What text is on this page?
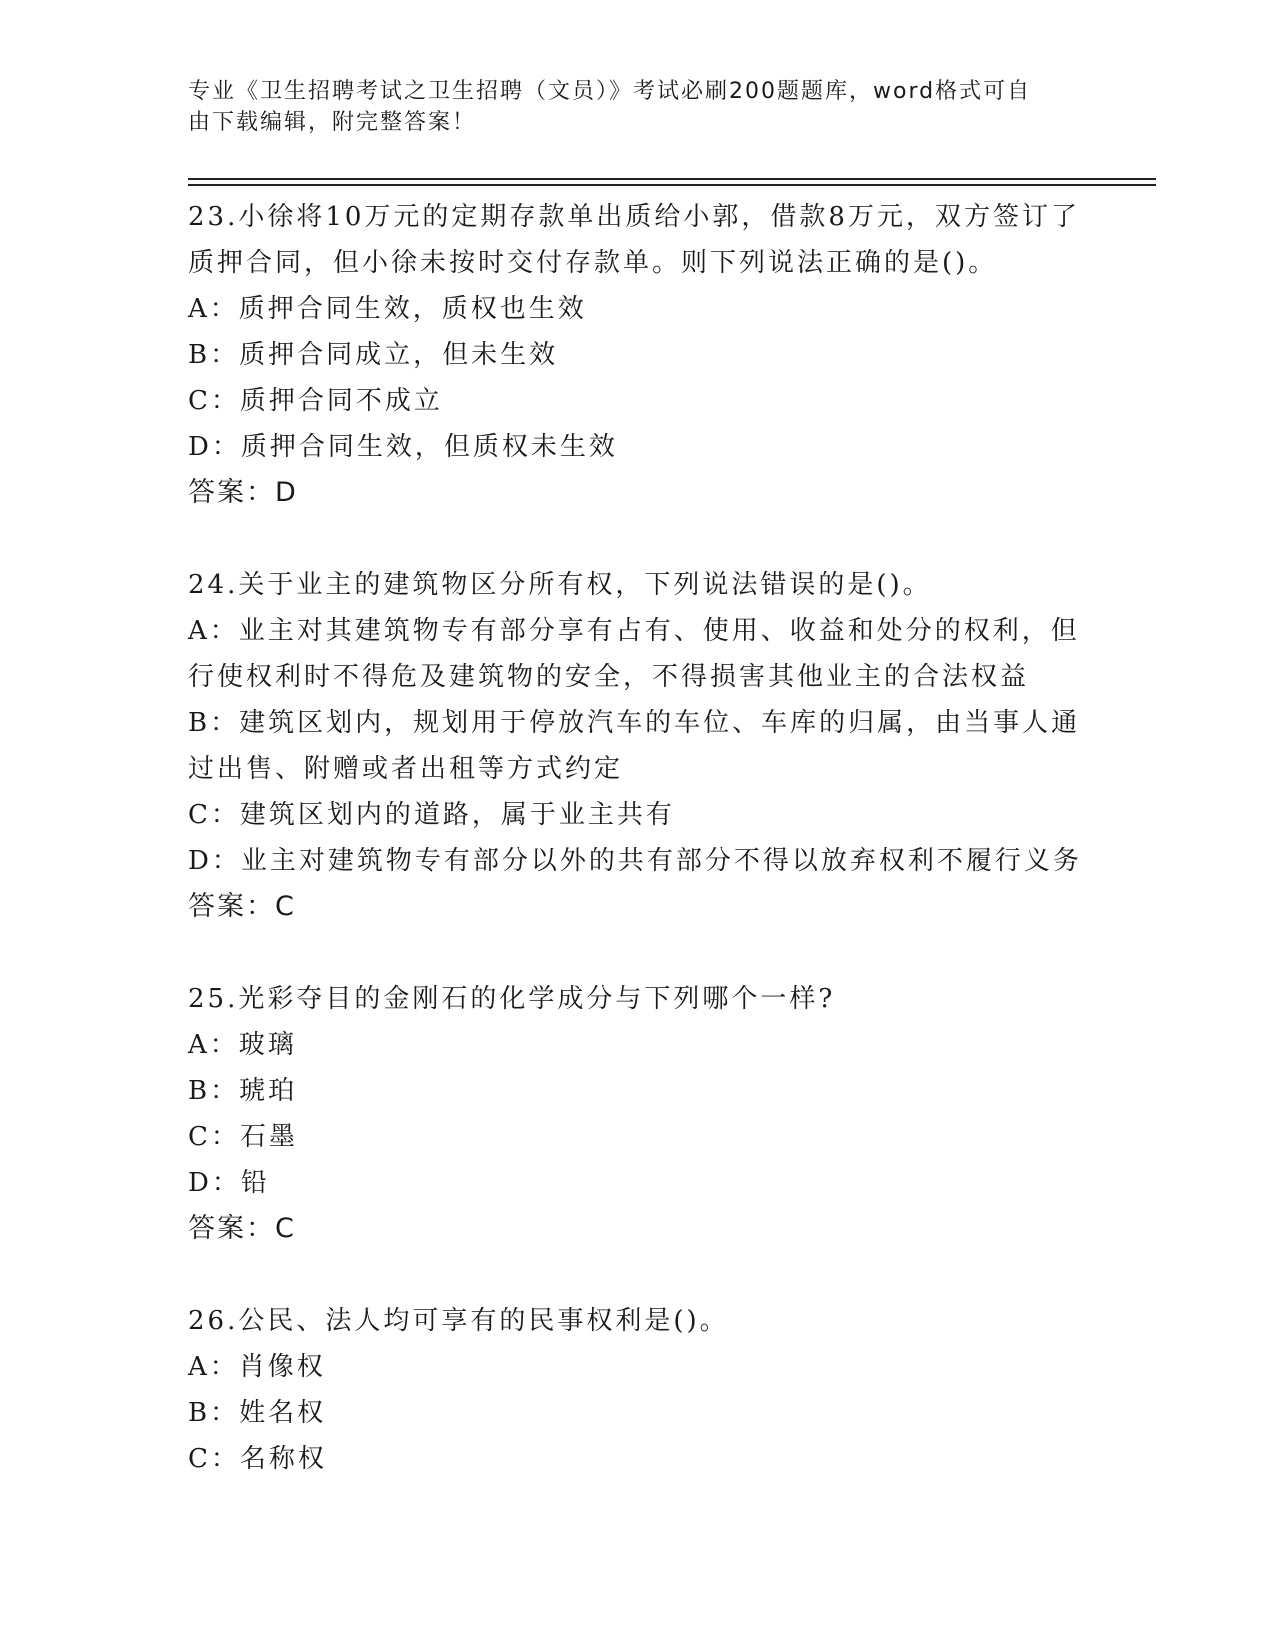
专业《卫生招聘考试之卫生招聘（文员）》考试必刷200题题库，word格式可自
由下载编辑，附完整答案！

23.小徐将10万元的定期存款单出质给小郭，借款8万元，双方签订了质押合同，但小徐未按时交付存款单。则下列说法正确的是()。

A：质押合同生效，质权也生效

B：质押合同成立，但未生效

C：质押合同不成立

D：质押合同生效，但质权未生效

答案：D

24.关于业主的建筑物区分所有权，下列说法错误的是()。

A：业主对其建筑物专有部分享有占有、使用、收益和处分的权利，但行使权利时不得危及建筑物的安全，不得损害其他业主的合法权益

B：建筑区划内，规划用于停放汽车的车位、车库的归属，由当事人通过出售、附赠或者出租等方式约定

C：建筑区划内的道路，属于业主共有

D：业主对建筑物专有部分以外的共有部分不得以放弃权利不履行义务

答案：C

25.光彩夺目的金刚石的化学成分与下列哪个一样?

A：玻璃

B：琥珀

C：石墨

D：铅

答案：C

26.公民、法人均可享有的民事权利是()。

A：肖像权

B：姓名权

C：名称权
